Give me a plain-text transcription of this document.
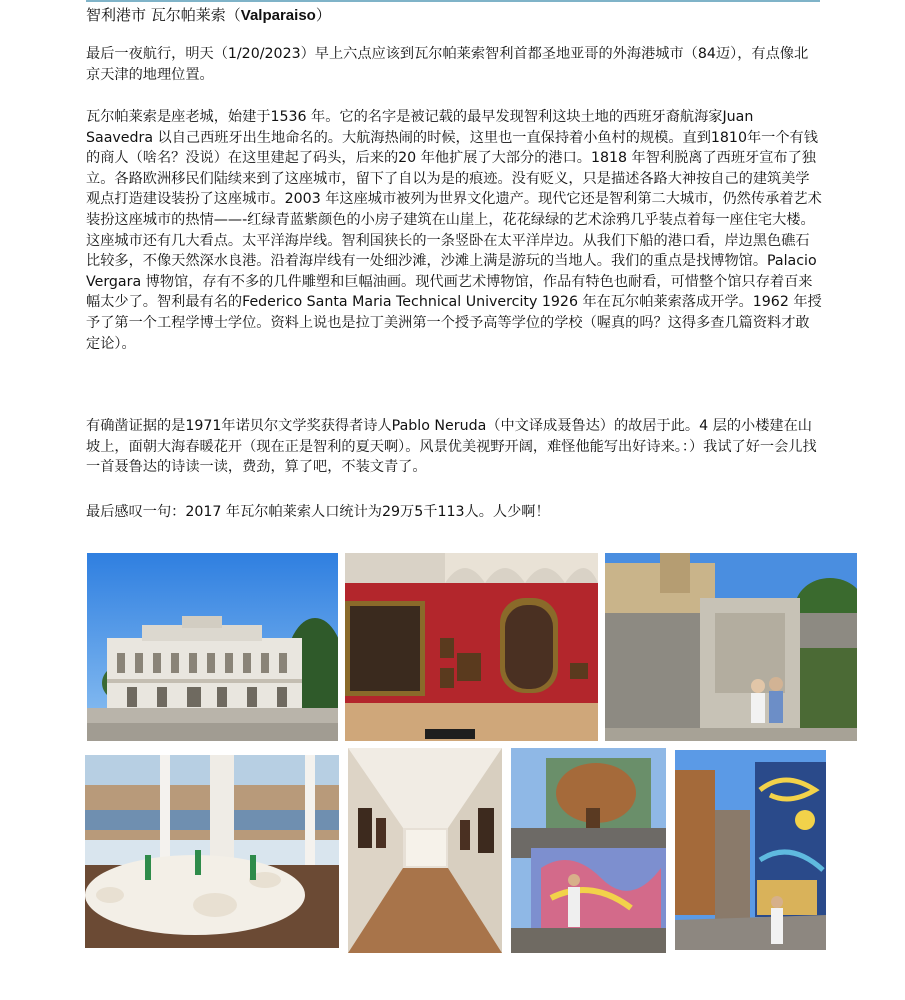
智利港市 瓦尔帕莱索（Valparaiso）

最后一夜航行，明天（1/20/2023）早上六点应该到瓦尔帕莱索智利首都圣地亚哥的外海港城市（84迈），有点像北京天津的地理位置。

瓦尔帕莱索是座老城，始建于1536 年。它的名字是被记载的最早发现智利这块土地的西班牙裔航海家Juan Saavedra 以自己西班牙出生地命名的。大航海热闹的时候，这里也一直保持着小鱼村的规模。直到1810年一个有钱的商人（啥名？没说）在这里建起了码头，后来的20 年他扩展了大部分的港口。1818 年智利脱离了西班牙宣布了独立。各路欧洲移民们陆续来到了这座城市，留下了自以为是的痕迹。没有贬义，只是描述各路大神按自己的建筑美学观点打造建设装扮了这座城市。2003 年这座城市被列为世界文化遗产。现代它还是智利第二大城市，仍然传承着艺术装扮这座城市的热情——-红绿青蓝紫颜色的小房子建筑在山崖上，花花绿绿的艺术涂鸦几乎装点着每一座住宅大楼。这座城市还有几大看点。太平洋海岸线。智利国狭长的一条竖卧在太平洋岸边。从我们下船的港口看，岸边黑色礁石比较多，不像天然深水良港。沿着海岸线有一处细沙滩，沙滩上满是游玩的当地人。我们的重点是找博物馆。Palacio Vergara 博物馆，存有不多的几件雕塑和巨幅油画。现代画艺术博物馆，作品有特色也耐看，可惜整个馆只存着百来幅太少了。智利最有名的Federico Santa Maria Technical Univercity 1926 年在瓦尔帕莱索落成开学。1962 年授予了第一个工程学博士学位。资料上说也是拉丁美洲第一个授予高等学位的学校（喔真的吗？这得多查几篇资料才敢定论）。

有确凿证据的是1971年诺贝尔文学奖获得者诗人Pablo Neruda（中文译成聂鲁达）的故居于此。4 层的小楼建在山坡上，面朝大海春暖花开（现在正是智利的夏天啊）。风景优美视野开阔，难怪他能写出好诗来。：）我试了好一会儿找一首聂鲁达的诗读一读，费劲，算了吧，不装文青了。

最后感叹一句：2017 年瓦尔帕莱索人口统计为29万5千113人。人少啊！
